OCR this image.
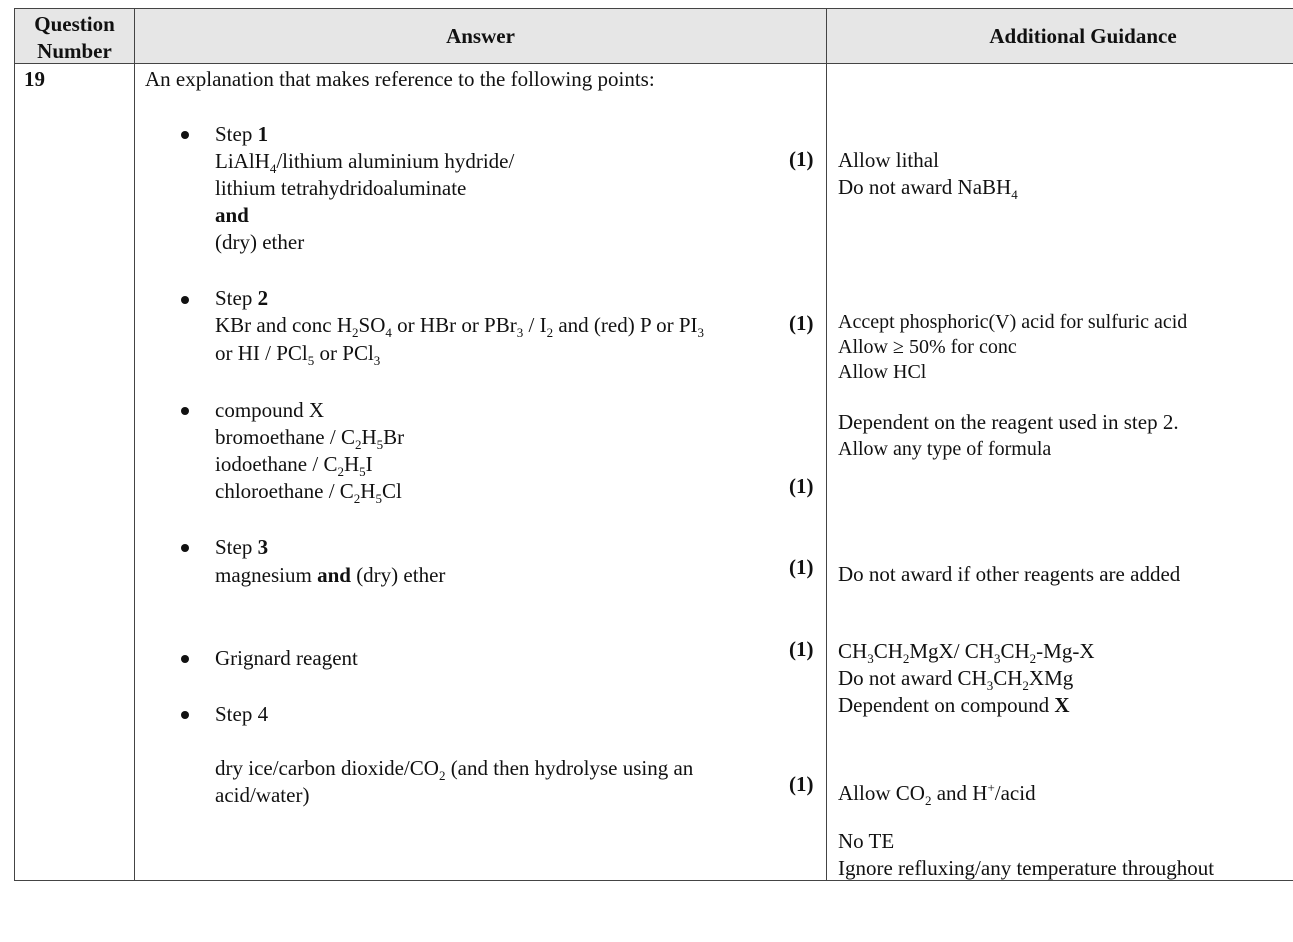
Question
Number
Answer	Additional Guidance
19	An explanation that makes reference to the following points:
Step 1
LiAlH$_4$/lithium aluminium hydride/
lithium tetrahydridoaluminate
and
(dry) ether
(1) Allow lithal
Do not award NaBH$_4$
Step 2
KBr and conc $H_2SO_4$ or HBr or $PBr_3 / I_2$ and (red) P or $PI_3$
or HI / PCl$_5$ or PCl$_3$
(1) Accept phosphoric(V) acid for sulfuric acid
Allow ≥ 50% for conc
Allow HCl
compound X
bromoethane / $C_2H_5Br$
iodoethane / $C_2H_5I$
chloroethane / $C_2H_5Cl$	(1)
Dependent on the reagent used in step 2.
Allow any type of formula
Step 3
magnesium and (dry) ether	(1) Do not award if other reagents are added
Grignard reagent	(1) $CH_3CH_2MgX/$ $CH_3CH_2-Mg-X$
Do not award $CH_3CH_2XMg$
Dependent on compound X
Step 4
dry ice/carbon dioxide/$CO_2$ (and then hydrolyse using an
acid/water)	(1) Allow $CO_2$ and H+/acid
No TE
Ignore refluxing/any temperature throughout
